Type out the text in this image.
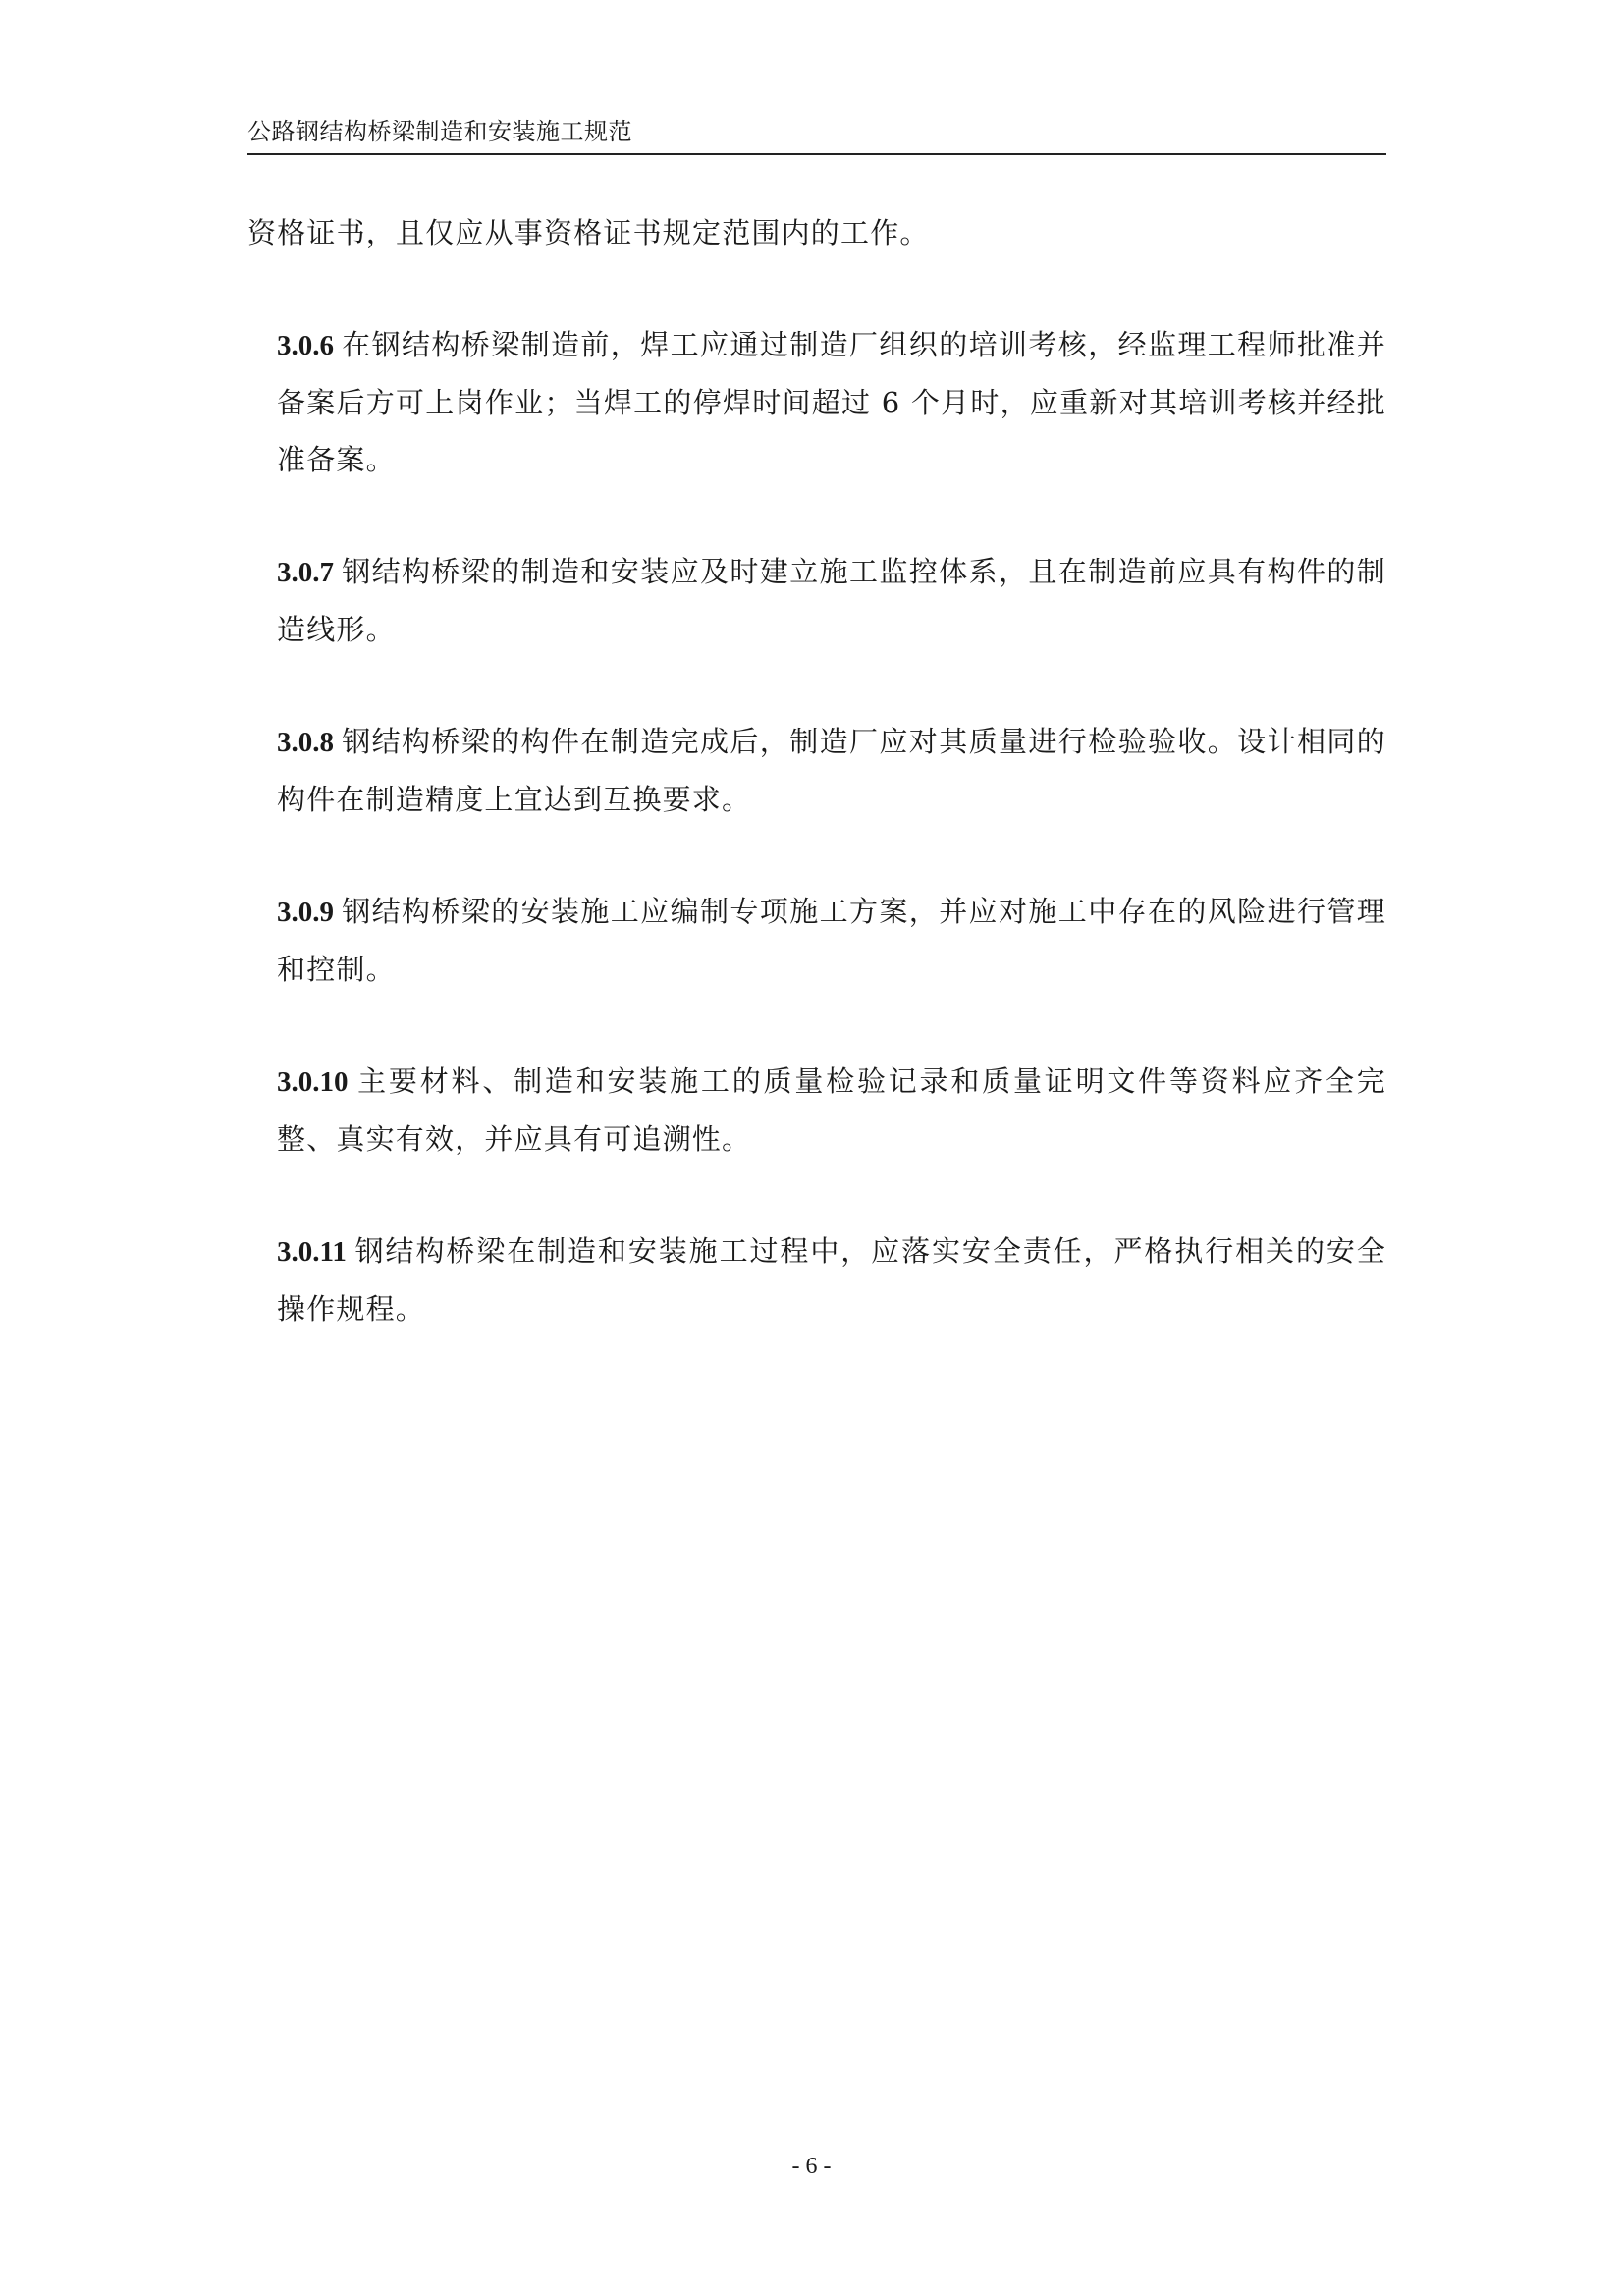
公路钢结构桥梁制造和安装施工规范

资格证书，且仅应从事资格证书规定范围内的工作。

3.0.6 在钢结构桥梁制造前，焊工应通过制造厂组织的培训考核，经监理工程师批准并备案后方可上岗作业；当焊工的停焊时间超过 6 个月时，应重新对其培训考核并经批准备案。

3.0.7 钢结构桥梁的制造和安装应及时建立施工监控体系，且在制造前应具有构件的制造线形。

3.0.8 钢结构桥梁的构件在制造完成后，制造厂应对其质量进行检验验收。设计相同的构件在制造精度上宜达到互换要求。

3.0.9 钢结构桥梁的安装施工应编制专项施工方案，并应对施工中存在的风险进行管理和控制。

3.0.10 主要材料、制造和安装施工的质量检验记录和质量证明文件等资料应齐全完整、真实有效，并应具有可追溯性。

3.0.11 钢结构桥梁在制造和安装施工过程中，应落实安全责任，严格执行相关的安全操作规程。

- 6 -
